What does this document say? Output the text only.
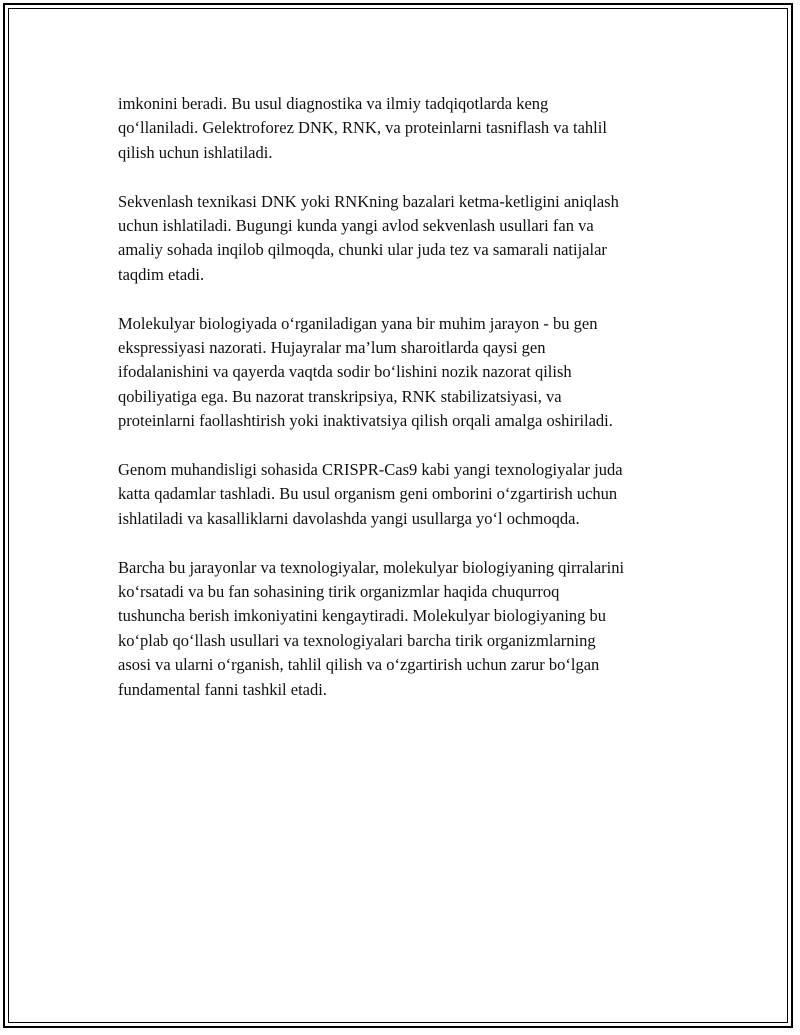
imkonini beradi. Bu usul diagnostika va ilmiy tadqiqotlarda keng
qo‘llaniladi. Gelektroforez DNK, RNK, va proteinlarni tasniflash va tahlil
qilish uchun ishlatiladi.

Sekvenlash texnikasi DNK yoki RNKning bazalari ketma-ketligini aniqlash
uchun ishlatiladi. Bugungi kunda yangi avlod sekvenlash usullari fan va
amaliy sohada inqilob qilmoqda, chunki ular juda tez va samarali natijalar
taqdim etadi.

Molekulyar biologiyada o‘rganiladigan yana bir muhim jarayon - bu gen
ekspressiyasi nazorati. Hujayralar ma’lum sharoitlarda qaysi gen
ifodalanishini va qayerda vaqtda sodir bo‘lishini nozik nazorat qilish
qobiliyatiga ega. Bu nazorat transkripsiya, RNK stabilizatsiyasi, va
proteinlarni faollashtirish yoki inaktivatsiya qilish orqali amalga oshiriladi.

Genom muhandisligi sohasida CRISPR-Cas9 kabi yangi texnologiyalar juda
katta qadamlar tashladi. Bu usul organism geni omborini o‘zgartirish uchun
ishlatiladi va kasalliklarni davolashda yangi usullarga yo‘l ochmoqda.

Barcha bu jarayonlar va texnologiyalar, molekulyar biologiyaning qirralarini
ko‘rsatadi va bu fan sohasining tirik organizmlar haqida chuqurroq
tushuncha berish imkoniyatini kengaytiradi. Molekulyar biologiyaning bu
ko‘plab qo‘llash usullari va texnologiyalari barcha tirik organizmlarning
asosi va ularni o‘rganish, tahlil qilish va o‘zgartirish uchun zarur bo‘lgan
fundamental fanni tashkil etadi.
